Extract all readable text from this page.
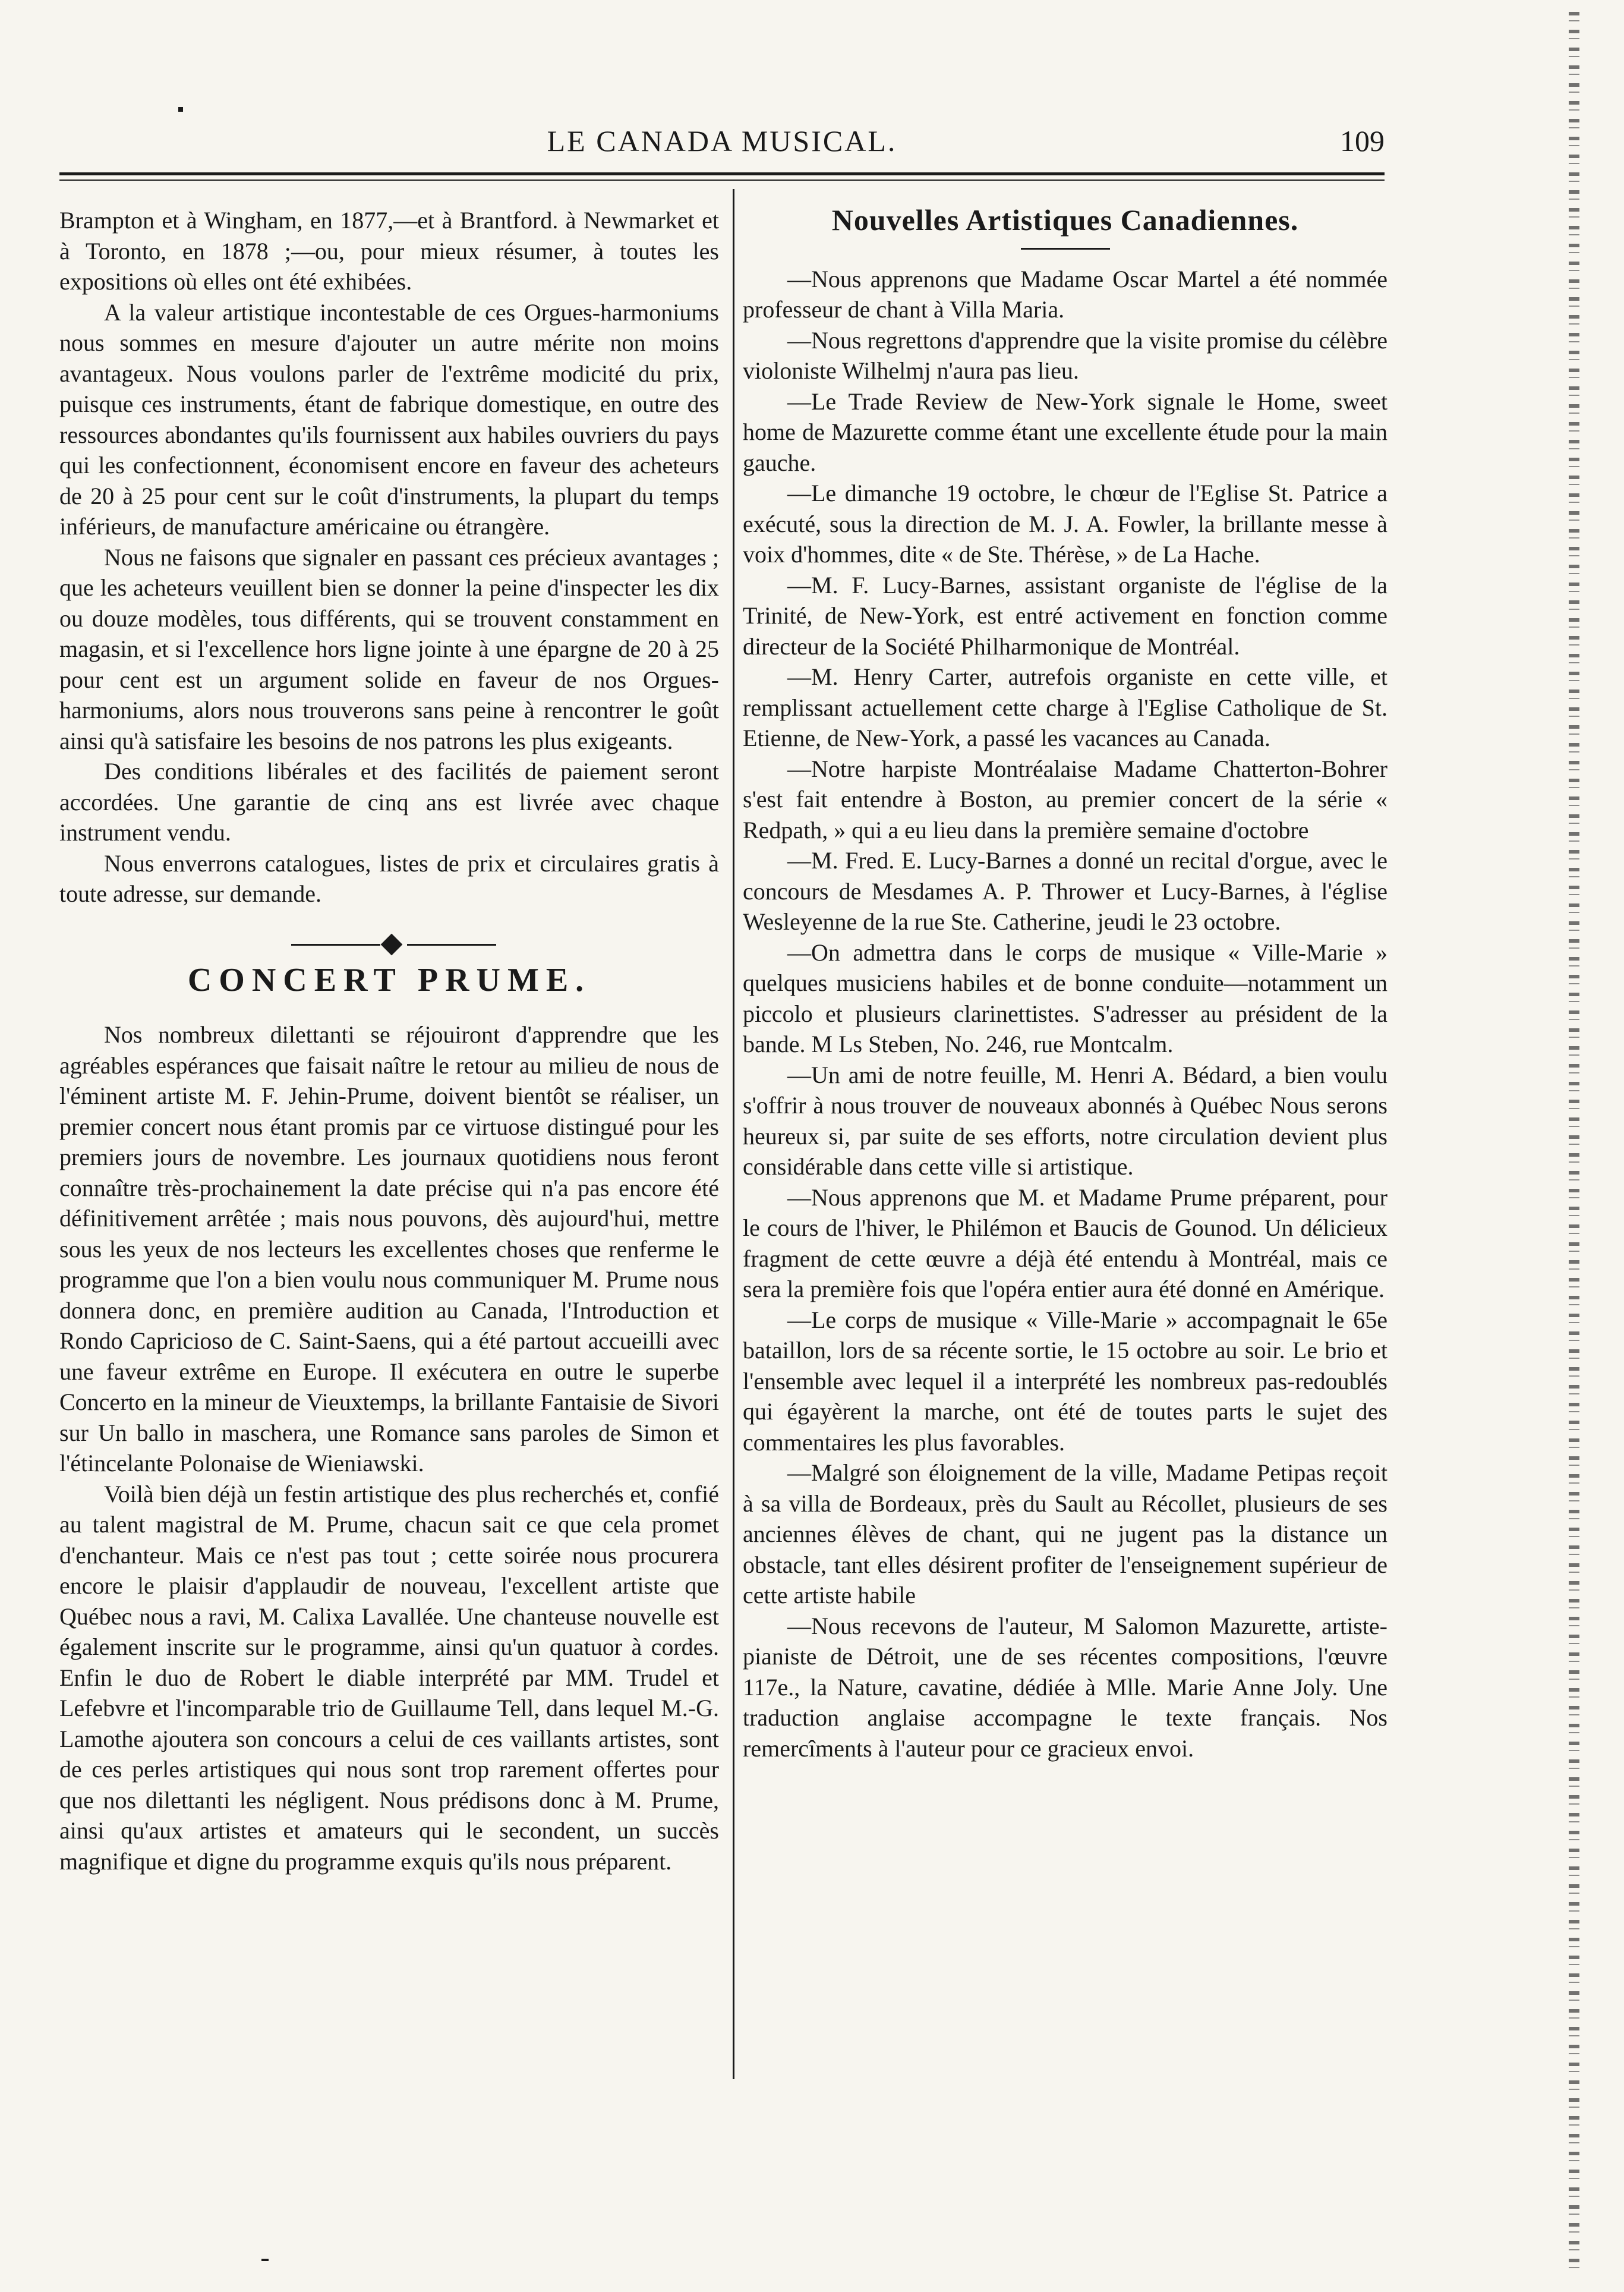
LE CANADA MUSICAL.	109

Brampton et à Wingham, en 1877,—et à Brantford. à Newmarket et à Toronto, en 1878 ;—ou, pour mieux résumer, à toutes les expositions où elles ont été exhibées.

A la valeur artistique incontestable de ces Orgues-harmoniums nous sommes en mesure d'ajouter un autre mérite non moins avantageux. Nous voulons parler de l'extrême modicité du prix, puisque ces instruments, étant de fabrique domestique, en outre des ressources abondantes qu'ils fournissent aux habiles ouvriers du pays qui les confectionnent, économisent encore en faveur des acheteurs de 20 à 25 pour cent sur le coût d'instruments, la plupart du temps inférieurs, de manufacture américaine ou étrangère.

Nous ne faisons que signaler en passant ces précieux avantages ; que les acheteurs veuillent bien se donner la peine d'inspecter les dix ou douze modèles, tous différents, qui se trouvent constamment en magasin, et si l'excellence hors ligne jointe à une épargne de 20 à 25 pour cent est un argument solide en faveur de nos Orgues-harmoniums, alors nous trouverons sans peine à rencontrer le goût ainsi qu'à satisfaire les besoins de nos patrons les plus exigeants.

Des conditions libérales et des facilités de paiement seront accordées. Une garantie de cinq ans est livrée avec chaque instrument vendu.

Nous enverrons catalogues, listes de prix et circulaires gratis à toute adresse, sur demande.

CONCERT PRUME.

Nos nombreux dilettanti se réjouiront d'apprendre que les agréables espérances que faisait naître le retour au milieu de nous de l'éminent artiste M. F. Jehin-Prume, doivent bientôt se réaliser, un premier concert nous étant promis par ce virtuose distingué pour les premiers jours de novembre. Les journaux quotidiens nous feront connaître très-prochainement la date précise qui n'a pas encore été définitivement arrêtée ; mais nous pouvons, dès aujourd'hui, mettre sous les yeux de nos lecteurs les excellentes choses que renferme le programme que l'on a bien voulu nous communiquer M. Prume nous donnera donc, en première audition au Canada, l'Introduction et Rondo Capricioso de C. Saint-Saens, qui a été partout accueilli avec une faveur extrême en Europe. Il exécutera en outre le superbe Concerto en la mineur de Vieuxtemps, la brillante Fantaisie de Sivori sur Un ballo in maschera, une Romance sans paroles de Simon et l'étincelante Polonaise de Wieniawski.

Voilà bien déjà un festin artistique des plus recherchés et, confié au talent magistral de M. Prume, chacun sait ce que cela promet d'enchanteur. Mais ce n'est pas tout ; cette soirée nous procurera encore le plaisir d'applaudir de nouveau, l'excellent artiste que Québec nous a ravi, M. Calixa Lavallée. Une chanteuse nouvelle est également inscrite sur le programme, ainsi qu'un quatuor à cordes. Enfin le duo de Robert le diable interprété par MM. Trudel et Lefebvre et l'incomparable trio de Guillaume Tell, dans lequel M.-G. Lamothe ajoutera son concours a celui de ces vaillants artistes, sont de ces perles artistiques qui nous sont trop rarement offertes pour que nos dilettanti les négligent. Nous prédisons donc à M. Prume, ainsi qu'aux artistes et amateurs qui le secondent, un succès magnifique et digne du programme exquis qu'ils nous préparent.

Nouvelles Artistiques Canadiennes.

—Nous apprenons que Madame Oscar Martel a été nommée professeur de chant à Villa Maria.

—Nous regrettons d'apprendre que la visite promise du célèbre violoniste Wilhelmj n'aura pas lieu.

—Le Trade Review de New-York signale le Home, sweet home de Mazurette comme étant une excellente étude pour la main gauche.

—Le dimanche 19 octobre, le chœur de l'Eglise St. Patrice a exécuté, sous la direction de M. J. A. Fowler, la brillante messe à voix d'hommes, dite « de Ste. Thérèse, » de La Hache.

—M. F. Lucy-Barnes, assistant organiste de l'église de la Trinité, de New-York, est entré activement en fonction comme directeur de la Société Philharmonique de Montréal.

—M. Henry Carter, autrefois organiste en cette ville, et remplissant actuellement cette charge à l'Eglise Catholique de St. Etienne, de New-York, a passé les vacances au Canada.

—Notre harpiste Montréalaise Madame Chatterton-Bohrer s'est fait entendre à Boston, au premier concert de la série « Redpath, » qui a eu lieu dans la première semaine d'octobre

—M. Fred. E. Lucy-Barnes a donné un recital d'orgue, avec le concours de Mesdames A. P. Thrower et Lucy-Barnes, à l'église Wesleyenne de la rue Ste. Catherine, jeudi le 23 octobre.

—On admettra dans le corps de musique « Ville-Marie » quelques musiciens habiles et de bonne conduite—notamment un piccolo et plusieurs clarinettistes. S'adresser au président de la bande. M Ls Steben, No. 246, rue Montcalm.

—Un ami de notre feuille, M. Henri A. Bédard, a bien voulu s'offrir à nous trouver de nouveaux abonnés à Québec Nous serons heureux si, par suite de ses efforts, notre circulation devient plus considérable dans cette ville si artistique.

—Nous apprenons que M. et Madame Prume préparent, pour le cours de l'hiver, le Philémon et Baucis de Gounod. Un délicieux fragment de cette œuvre a déjà été entendu à Montréal, mais ce sera la première fois que l'opéra entier aura été donné en Amérique.

—Le corps de musique « Ville-Marie » accompagnait le 65e bataillon, lors de sa récente sortie, le 15 octobre au soir. Le brio et l'ensemble avec lequel il a interprété les nombreux pas-redoublés qui égayèrent la marche, ont été de toutes parts le sujet des commentaires les plus favorables.

—Malgré son éloignement de la ville, Madame Petipas reçoit à sa villa de Bordeaux, près du Sault au Récollet, plusieurs de ses anciennes élèves de chant, qui ne jugent pas la distance un obstacle, tant elles désirent profiter de l'enseignement supérieur de cette artiste habile

—Nous recevons de l'auteur, M Salomon Mazurette, artiste-pianiste de Détroit, une de ses récentes compositions, l'œuvre 117e., la Nature, cavatine, dédiée à Mlle. Marie Anne Joly. Une traduction anglaise accompagne le texte français. Nos remercîments à l'auteur pour ce gracieux envoi.
